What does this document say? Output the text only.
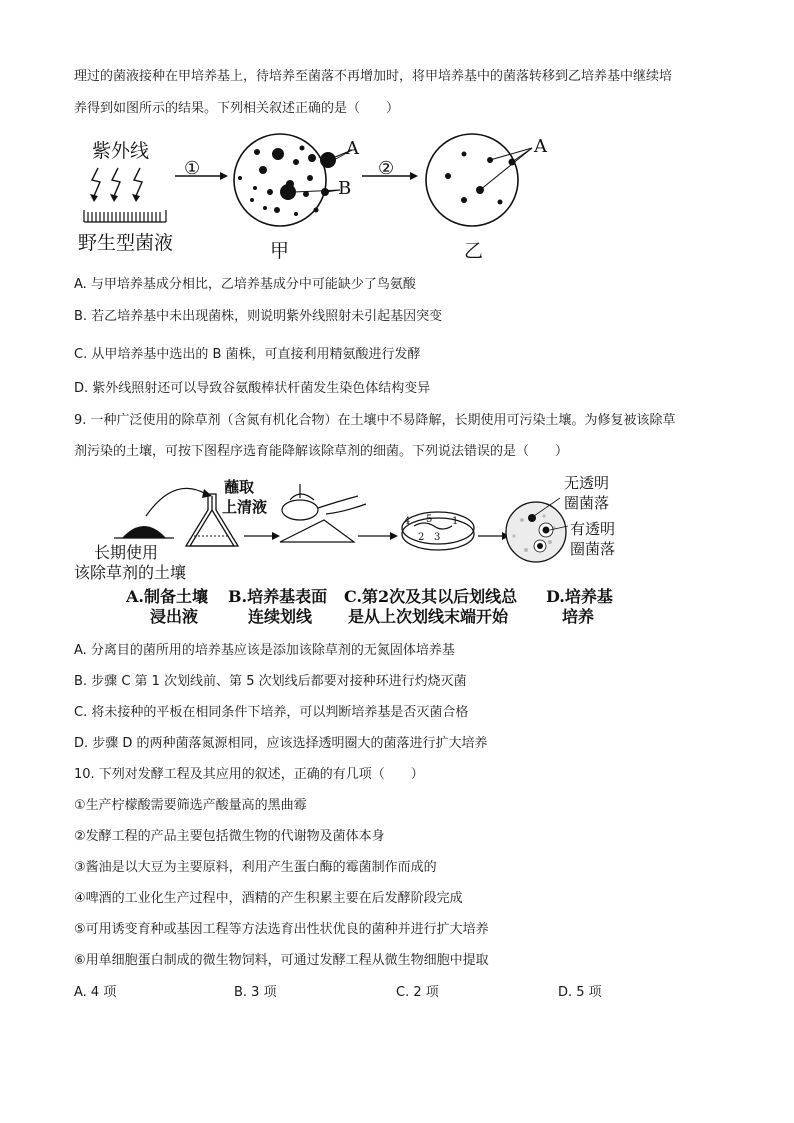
理过的菌液接种在甲培养基上，待培养至菌落不再增加时，将甲培养基中的菌落转移到乙培养基中继续培
养得到如图所示的结果。下列相关叙述正确的是（　　）
紫外线
野生型菌液
①	②
A
B
A
甲	乙
A. 与甲培养基成分相比，乙培养基成分中可能缺少了鸟氨酸
B. 若乙培养基中未出现菌株，则说明紫外线照射未引起基因突变
C. 从甲培养基中选出的 B 菌株，可直接利用精氨酸进行发酵
D. 紫外线照射还可以导致谷氨酸棒状杆菌发生染色体结构变异
9. 一种广泛使用的除草剂（含氮有机化合物）在土壤中不易降解，长期使用可污染土壤。为修复被该除草
剂污染的土壤，可按下图程序选育能降解该除草剂的细菌。下列说法错误的是（　　）
蘸取
上清液
长期使用
该除草剂的土壤
4 5 1
2 3
无透明
圈菌落
有透明
圈菌落
A.制备土壤
浸出液
B.培养基表面
连续划线
C.第2次及其以后划线总
是从上次划线末端开始
D.培养基
培养
A. 分离目的菌所用的培养基应该是添加该除草剂的无氮固体培养基
B. 步骤 C 第 1 次划线前、第 5 次划线后都要对接种环进行灼烧灭菌
C. 将未接种的平板在相同条件下培养，可以判断培养基是否灭菌合格
D. 步骤 D 的两种菌落氮源相同，应该选择透明圈大的菌落进行扩大培养
10. 下列对发酵工程及其应用的叙述，正确的有几项（　　）
①生产柠檬酸需要筛选产酸量高的黑曲霉
②发酵工程的产品主要包括微生物的代谢物及菌体本身
③酱油是以大豆为主要原料，利用产生蛋白酶的霉菌制作而成的
④啤酒的工业化生产过程中，酒精的产生积累主要在后发酵阶段完成
⑤可用诱变育种或基因工程等方法选育出性状优良的菌种并进行扩大培养
⑥用单细胞蛋白制成的微生物饲料，可通过发酵工程从微生物细胞中提取
A. 4 项	B. 3 项	C. 2 项	D. 5 项
